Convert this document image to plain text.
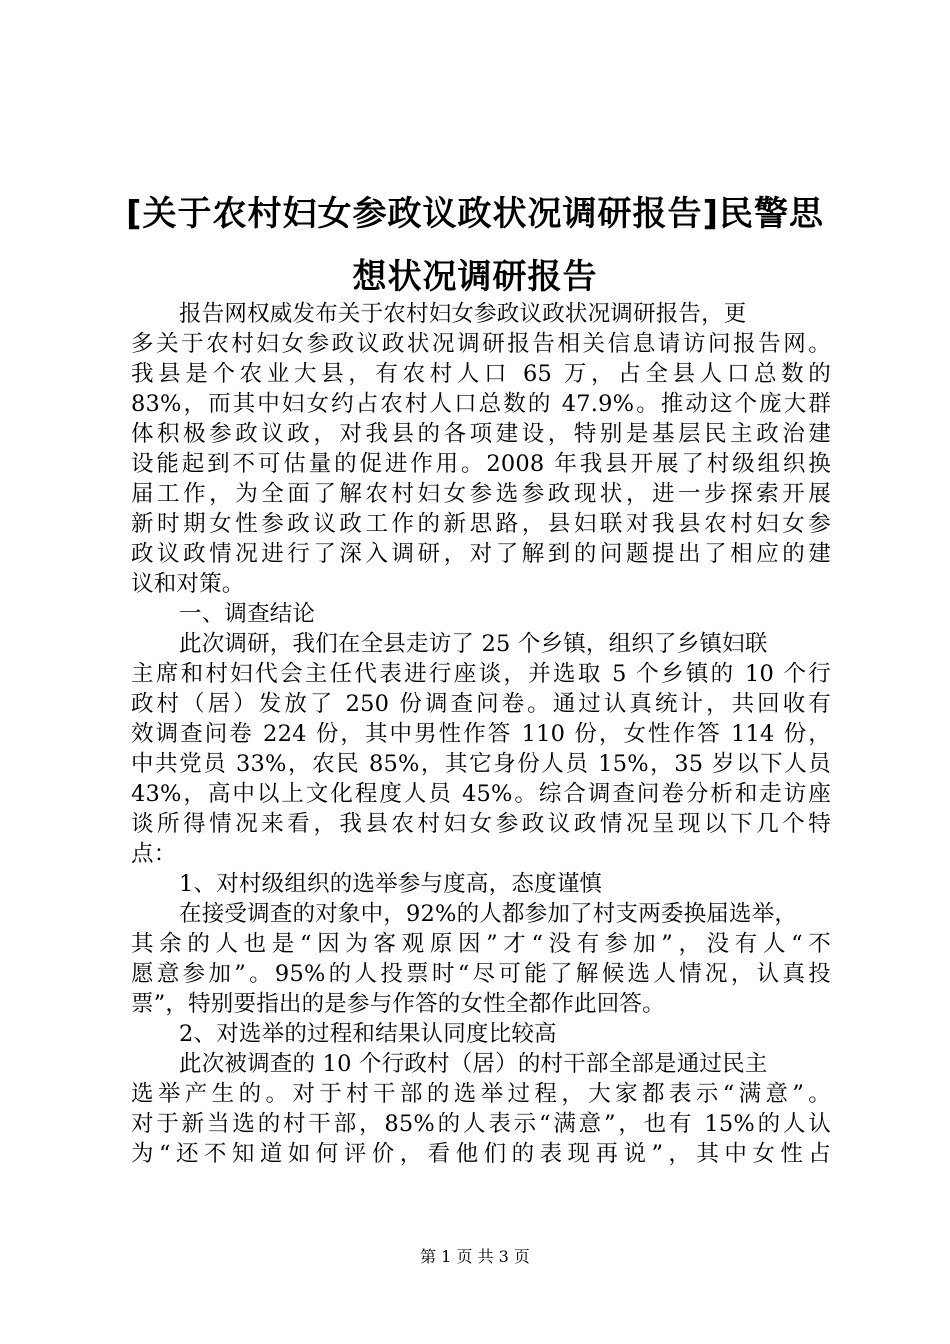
[关于农村妇女参政议政状况调研报告]民警思
想状况调研报告
报告网权威发布关于农村妇女参政议政状况调研报告，更
多关于农村妇女参政议政状况调研报告相关信息请访问报告网。
我县是个农业大县，有农村人口 65 万，占全县人口总数的
83%，而其中妇女约占农村人口总数的 47.9%。推动这个庞大群
体积极参政议政，对我县的各项建设，特别是基层民主政治建
设能起到不可估量的促进作用。2008 年我县开展了村级组织换
届工作，为全面了解农村妇女参选参政现状，进一步探索开展
新时期女性参政议政工作的新思路，县妇联对我县农村妇女参
政议政情况进行了深入调研，对了解到的问题提出了相应的建
议和对策。
一、调查结论
此次调研，我们在全县走访了 25 个乡镇，组织了乡镇妇联
主席和村妇代会主任代表进行座谈，并选取 5 个乡镇的 10 个行
政村（居）发放了 250 份调查问卷。通过认真统计，共回收有
效调查问卷 224 份，其中男性作答 110 份，女性作答 114 份，
中共党员 33%，农民 85%，其它身份人员 15%，35 岁以下人员
43%，高中以上文化程度人员 45%。综合调查问卷分析和走访座
谈所得情况来看，我县农村妇女参政议政情况呈现以下几个特
点：
1、对村级组织的选举参与度高，态度谨慎
在接受调查的对象中，92%的人都参加了村支两委换届选举，
其余的人也是“因为客观原因”才“没有参加”，没有人“不
愿意参加”。95%的人投票时“尽可能了解候选人情况，认真投
票”，特别要指出的是参与作答的女性全都作此回答。
2、对选举的过程和结果认同度比较高
此次被调查的 10 个行政村（居）的村干部全部是通过民主
选举产生的。对于村干部的选举过程，大家都表示“满意”。
对于新当选的村干部，85%的人表示“满意”，也有 15%的人认
为“还不知道如何评价，看他们的表现再说”，其中女性占
第 1 页 共 3 页
